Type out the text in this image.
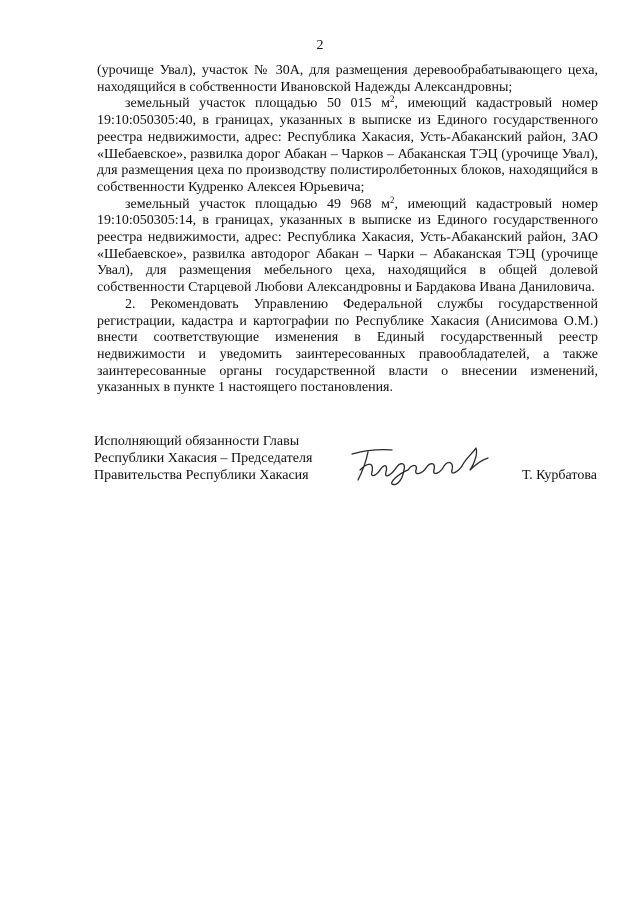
2

(урочище Увал), участок № 30А, для размещения деревообрабатывающего цеха, находящийся в собственности Ивановской Надежды Александровны;

земельный участок площадью 50 015 $м^2$, имеющий кадастровый номер 19:10:050305:40, в границах, указанных в выписке из Единого государственного реестра недвижимости, адрес: Республика Хакасия, Усть-Абаканский район, ЗАО «Шебаевское», развилка дорог Абакан – Чарков – Абаканская ТЭЦ (урочище Увал), для размещения цеха по производству полистиролбетонных блоков, находящийся в собственности Кудренко Алексея Юрьевича;

земельный участок площадью 49 968 $м^2$, имеющий кадастровый номер 19:10:050305:14, в границах, указанных в выписке из Единого государственного реестра недвижимости, адрес: Республика Хакасия, Усть-Абаканский район, ЗАО «Шебаевское», развилка автодорог Абакан – Чарки – Абаканская ТЭЦ (урочище Увал), для размещения мебельного цеха, находящийся в общей долевой собственности Старцевой Любови Александровны и Бардакова Ивана Даниловича.

2. Рекомендовать Управлению Федеральной службы государственной регистрации, кадастра и картографии по Республике Хакасия (Анисимова О.М.) внести соответствующие изменения в Единый государственный реестр недвижимости и уведомить заинтересованных правообладателей, а также заинтересованные органы государственной власти о внесении изменений, указанных в пункте 1 настоящего постановления.

Исполняющий обязанности Главы
Республики Хакасия – Председателя
Правительства Республики Хакасия	Т. Курбатова
